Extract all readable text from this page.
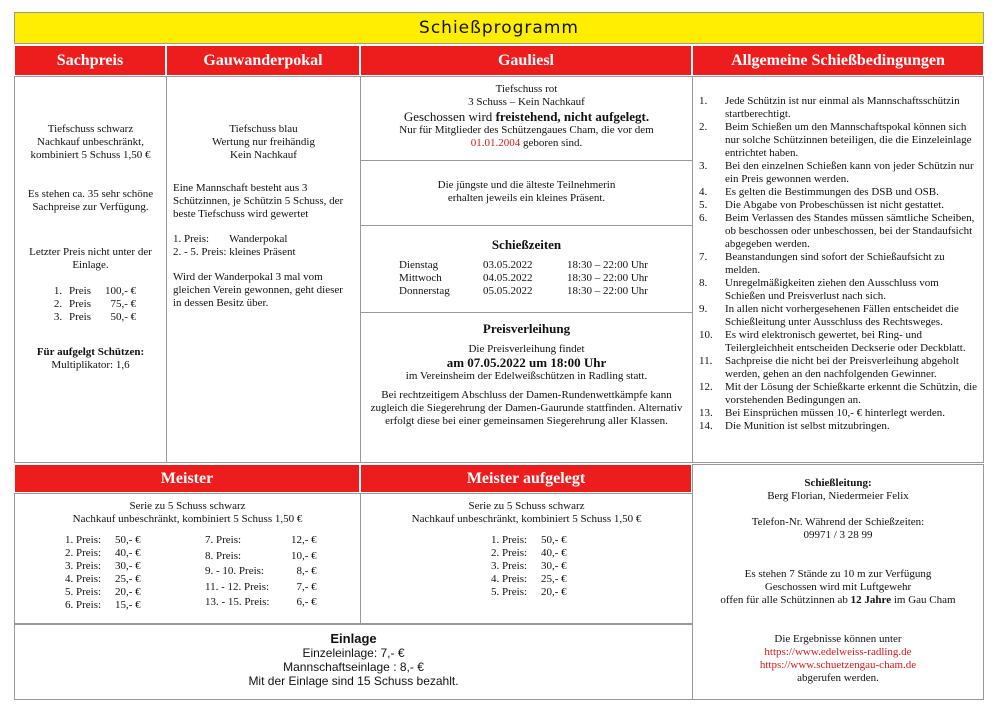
Schießprogramm
Sachpreis	Gauwanderpokal	Gauliesl	Allgemeine Schießbedingungen
Tiefschuss schwarz
Nachkauf unbeschränkt,
kombiniert 5 Schuss 1,50 €
Es stehen ca. 35 sehr schöne Sachpreise zur Verfügung.
Letzter Preis nicht unter der Einlage.
1.	Preis	100,- €
2.	Preis	75,- €
3.	Preis	50,- €
Für aufgelgt Schützen:
Multiplikator: 1,6
Tiefschuss blau
Wertung nur freihändig
Kein Nachkauf
Eine Mannschaft besteht aus 3 Schützinnen, je Schützin 5 Schuss, der beste Tiefschuss wird gewertet
1. Preis: Wanderpokal
2. - 5. Preis: kleines Präsent
Wird der Wanderpokal 3 mal vom gleichen Verein gewonnen, geht dieser in dessen Besitz über.
Tiefschuss rot
3 Schuss – Kein Nachkauf
Geschossen wird freistehend, nicht aufgelegt.
Nur für Mitglieder des Schützengaues Cham, die vor dem
01.01.2004 geboren sind.
Die jüngste und die älteste Teilnehmerin
erhalten jeweils ein kleines Präsent.
Schießzeiten
Dienstag	03.05.2022	18:30 – 22:00 Uhr
Mittwoch	04.05.2022	18:30 – 22:00 Uhr
Donnerstag	05.05.2022	18:30 – 22:00 Uhr
Preisverleihung
Die Preisverleihung findet
am 07.05.2022 um 18:00 Uhr
im Vereinsheim der Edelweißschützen in Radling statt.
Bei rechtzeitigem Abschluss der Damen-Rundenwettkämpfe kann zugleich die Siegerehrung der Damen-Gaurunde stattfinden. Alternativ erfolgt diese bei einer gemeinsamen Siegerehrung aller Klassen.
1.	Jede Schützin ist nur einmal als Mannschaftsschützin startberechtigt.
2.	Beim Schießen um den Mannschaftspokal können sich nur solche Schützinnen beteiligen, die die Einzeleinlage entrichtet haben.
3.	Bei den einzelnen Schießen kann von jeder Schützin nur ein Preis gewonnen werden.
4.	Es gelten die Bestimmungen des DSB und OSB.
5.	Die Abgabe von Probeschüssen ist nicht gestattet.
6.	Beim Verlassen des Standes müssen sämtliche Scheiben, ob beschossen oder unbeschossen, bei der Standaufsicht abgegeben werden.
7.	Beanstandungen sind sofort der Schießaufsicht zu melden.
8.	Unregelmäßigkeiten ziehen den Ausschluss vom Schießen und Preisverlust nach sich.
9.	In allen nicht vorhergesehenen Fällen entscheidet die Schießleitung unter Ausschluss des Rechtsweges.
10.	Es wird elektronisch gewertet, bei Ring- und Teilergleichheit entscheiden Deckserie oder Deckblatt.
11.	Sachpreise die nicht bei der Preisverleihung abgeholt werden, gehen an den nachfolgenden Gewinner.
12.	Mit der Lösung der Schießkarte erkennt die Schützin, die vorstehenden Bedingungen an.
13.	Bei Einsprüchen müssen 10,- € hinterlegt werden.
14.	Die Munition ist selbst mitzubringen.
Meister	Meister aufgelegt
Serie zu 5 Schuss schwarz
Nachkauf unbeschränkt, kombiniert 5 Schuss 1,50 €
1. Preis:	50,- €
2. Preis:	40,- €
3. Preis:	30,- €
4. Preis:	25,- €
5. Preis:	20,- €
6. Preis:	15,- €
7. Preis:	12,- €
8. Preis:	10,- €
9. - 10. Preis:	8,- €
11. - 12. Preis:	7,- €
13. - 15. Preis:	6,- €
Serie zu 5 Schuss schwarz
Nachkauf unbeschränkt, kombiniert 5 Schuss 1,50 €
1. Preis:	50,- €
2. Preis:	40,- €
3. Preis:	30,- €
4. Preis:	25,- €
5. Preis:	20,- €
Einlage
Einzeleinlage: 7,- €
Mannschaftseinlage : 8,- €
Mit der Einlage sind 15 Schuss bezahlt.
Schießleitung:
Berg Florian, Niedermeier Felix
Telefon-Nr. Während der Schießzeiten:
09971 / 3 28 99
Es stehen 7 Stände zu 10 m zur Verfügung
Geschossen wird mit Luftgewehr
offen für alle Schützinnen ab 12 Jahre im Gau Cham
Die Ergebnisse können unter
https://www.edelweiss-radling.de
https://www.schuetzengau-cham.de
abgerufen werden.
